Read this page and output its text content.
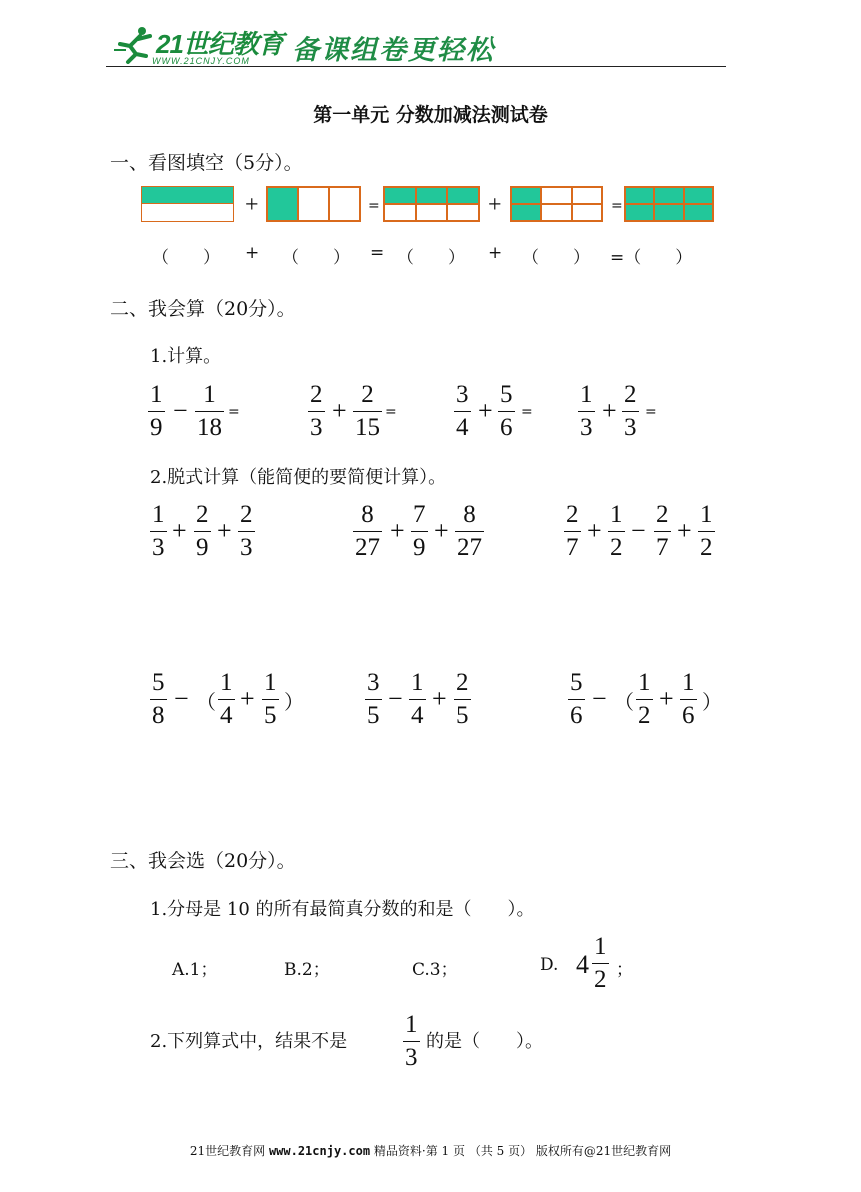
21世纪教育
WWW.21CNJY.COM 备课组卷更轻松
第一单元 分数加减法测试卷
一、看图填空（5分）。
+	=	+	=
（　　） + （　　） = （　　） + （　　） =（　　）
二、我会算（20分）。
1.计算。
1
9
−
1
18
=
2
3
+
2
15
=
3
4
+
5
6
=
1
3
+
2
3
=
2.脱式计算（能简便的要简便计算）。
1
3
+
2
9
+
2
3
8
27
+
7
9
+
8
27
2
7
+
1
2
−
2
7
+
1
2
5
8
− （
1
4
+
1
5 ）
3
5
−
1
4
+
2
5
5
6
− （
1
2
+
1
6 ）
三、我会选（20分）。
1.分母是 10 的所有最简真分数的和是（　　）。
A.1；	B.2；	C.3；	D. 4
1
2 ；
2.下列算式中，结果不是
1
3
的是（　　）。
21世纪教育网 www.21cnjy.com 精品资料·第 1 页 （共 5 页） 版权所有@21世纪教育网
